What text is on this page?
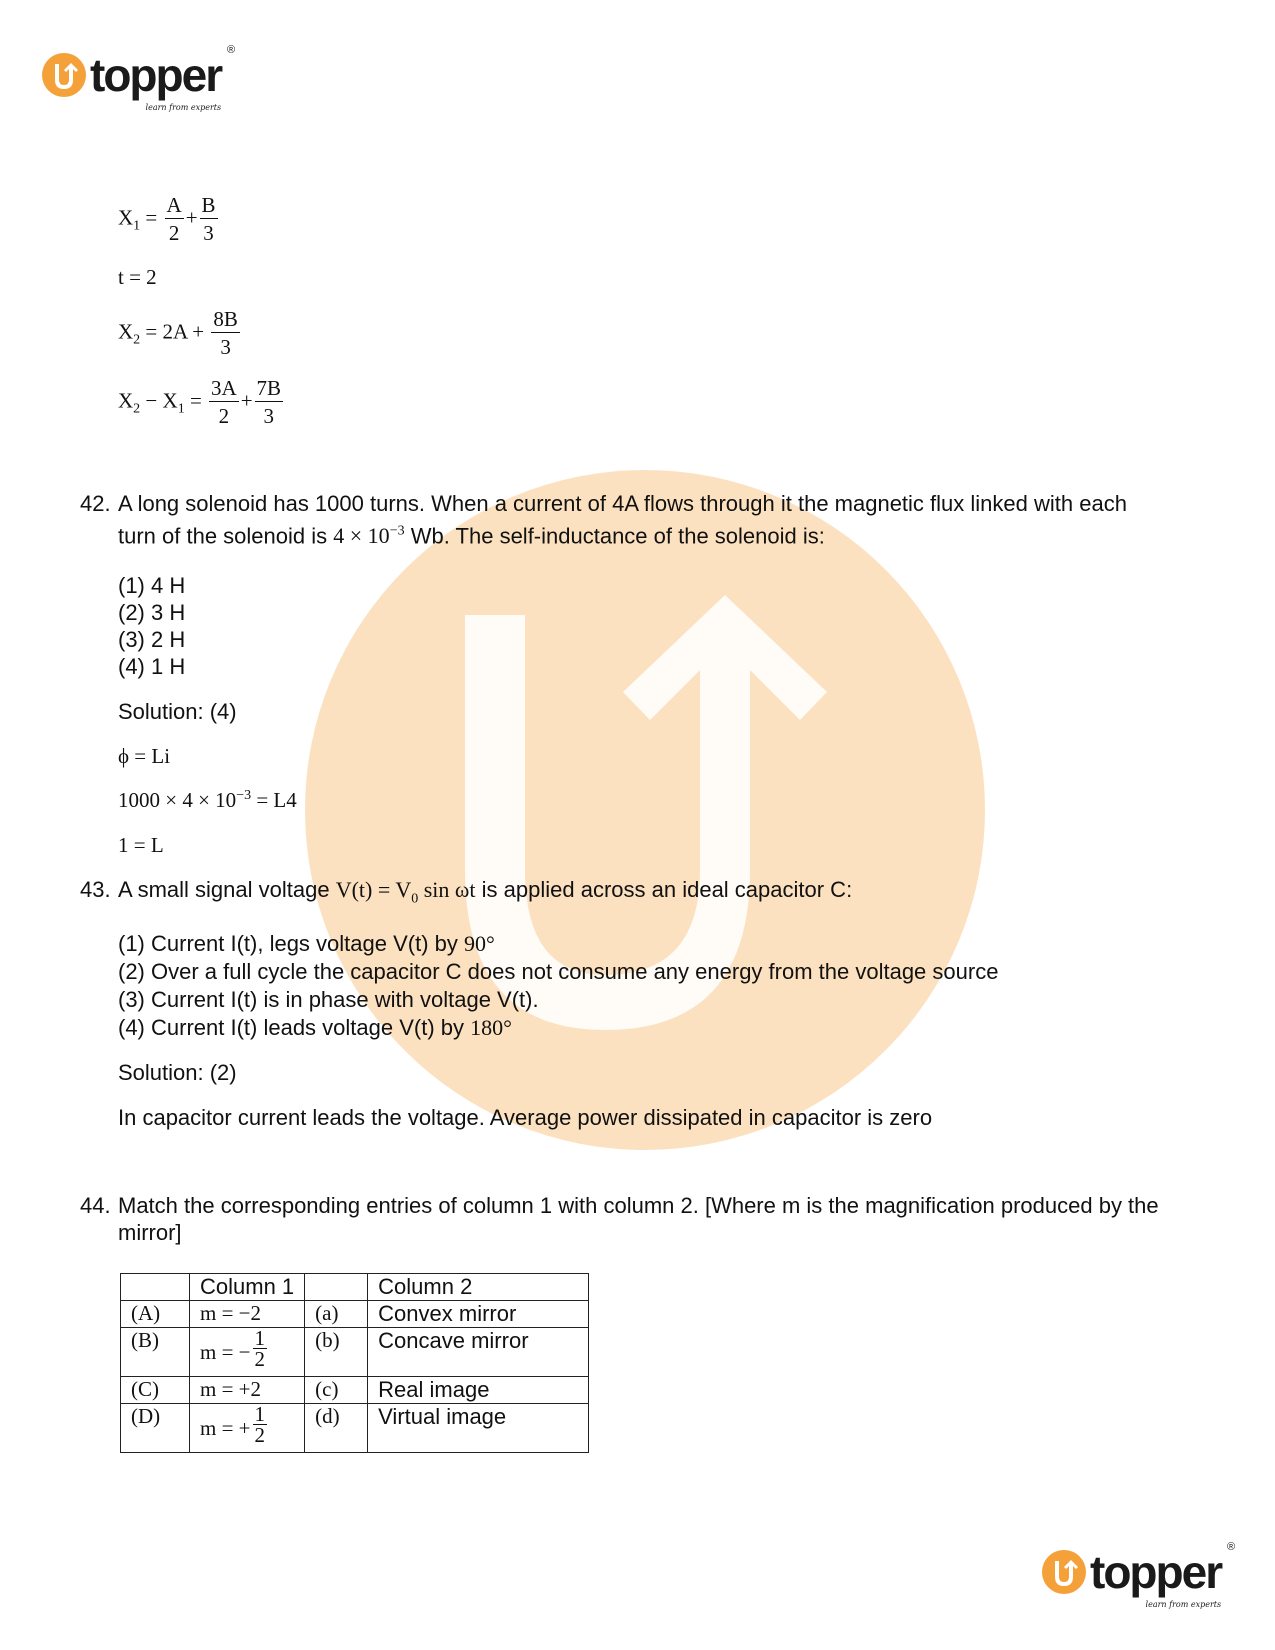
topper ®
learn from experts
$X_1 = \frac{A}{2} + \frac{B}{3}$
t = 2
$X_2 = 2A + \frac{8B}{3}$
$X_2 - X_1 = \frac{3A}{2} + \frac{7B}{3}$
42. A long solenoid has 1000 turns. When a current of 4A flows through it the magnetic flux linked with each
turn of the solenoid is $4 \times 10^{-3}$ Wb. The self-inductance of the solenoid is:
(1) 4 H
(2) 3 H
(3) 2 H
(4) 1 H
Solution: (4)
ϕ = Li
$1000 \times 4 \times 10^{-3} = L4$
1 = L
43. A small signal voltage $V(t) = V_0$ sin ωt is applied across an ideal capacitor C:
(1) Current I(t), legs voltage V(t) by 90°
(2) Over a full cycle the capacitor C does not consume any energy from the voltage source
(3) Current I(t) is in phase with voltage V(t).
(4) Current I(t) leads voltage V(t) by 180°
Solution: (2)
In capacitor current leads the voltage. Average power dissipated in capacitor is zero
44. Match the corresponding entries of column 1 with column 2. [Where m is the magnification produced by the
mirror]
	Column 1		Column 2
(A)	m = −2	(a)	Convex mirror
(B)	m = − $\frac{1}{2}$	(b)	Concave mirror
(C)	m = +2	(c)	Real image
(D)	m = + $\frac{1}{2}$	(d)	Virtual image
topper ®
learn from experts
